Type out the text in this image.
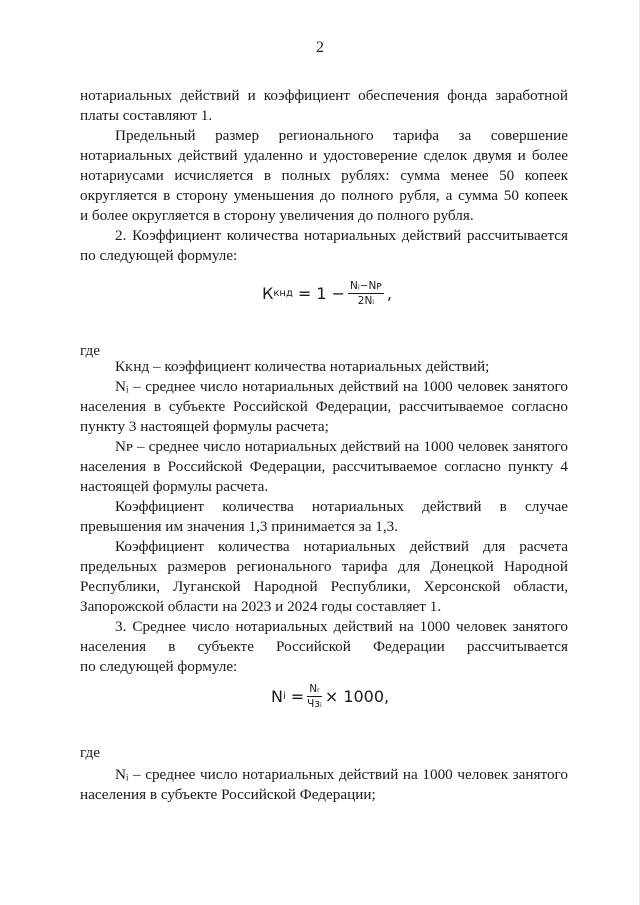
2
нотариальных действий и коэффициент обеспечения фонда заработной
платы составляют 1.
Предельный размер регионального тарифа за совершение
нотариальных действий удаленно и удостоверение сделок двумя и более
нотариусами исчисляется в полных рублях: сумма менее 50 копеек
округляется в сторону уменьшения до полного рубля, а сумма 50 копеек
и более округляется в сторону увеличения до полного рубля.
2. Коэффициент количества нотариальных действий рассчитывается
по следующей формуле:
К кнд = $1 - \frac{\text{Nᵢ−Nᴘ}}{\text{2Nᵢ}}$ ,
где
Кᴋнд – коэффициент количества нотариальных действий;
Nᵢ – среднее число нотариальных действий на 1000 человек занятого
населения в субъекте Российской Федерации, рассчитываемое согласно
пункту 3 настоящей формулы расчета;
Nᴘ – среднее число нотариальных действий на 1000 человек занятого
населения в Российской Федерации, рассчитываемое согласно пункту 4
настоящей формулы расчета.
Коэффициент количества нотариальных действий в случае
превышения им значения 1,3 принимается за 1,3.
Коэффициент количества нотариальных действий для расчета
предельных размеров регионального тарифа для Донецкой Народной
Республики, Луганской Народной Республики, Херсонской области,
Запорожской области на 2023 и 2024 годы составляет 1.
3. Среднее число нотариальных действий на 1000 человек занятого
населения в субъекте Российской Федерации рассчитывается
по следующей формуле:
N $i = \frac{\text{Nᵣ}}{\text{Чзᵢ}} \times 1000$,
где
Nᵢ – среднее число нотариальных действий на 1000 человек занятого
населения в субъекте Российской Федерации;
